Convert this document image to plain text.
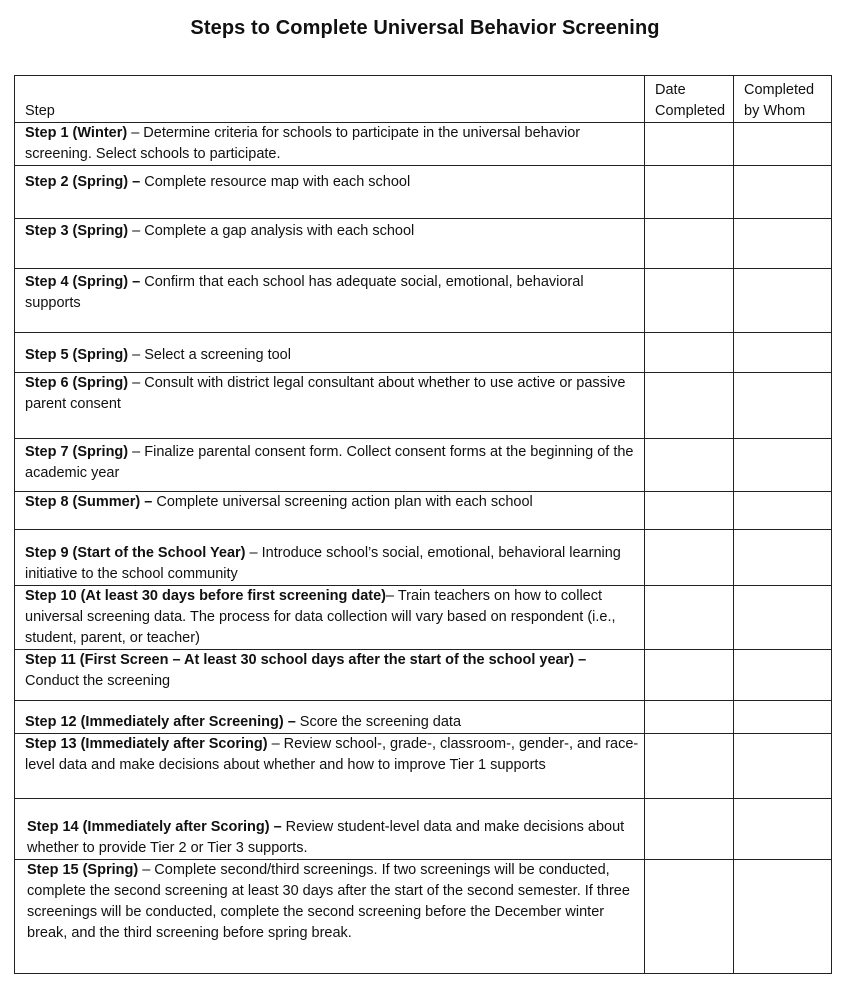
Steps to Complete Universal Behavior Screening
Step	Date Completed	Completed by Whom
Step 1 (Winter) – Determine criteria for schools to participate in the universal behavior screening. Select schools to participate.		
Step 2 (Spring) – Complete resource map with each school		
Step 3 (Spring) – Complete a gap analysis with each school		
Step 4 (Spring) – Confirm that each school has adequate social, emotional, behavioral supports		
Step 5 (Spring) – Select a screening tool		
Step 6 (Spring) – Consult with district legal consultant about whether to use active or passive parent consent		
Step 7 (Spring) – Finalize parental consent form. Collect consent forms at the beginning of the academic year		
Step 8 (Summer) – Complete universal screening action plan with each school		
Step 9 (Start of the School Year) – Introduce school’s social, emotional, behavioral learning initiative to the school community		
Step 10 (At least 30 days before first screening date)– Train teachers on how to collect universal screening data. The process for data collection will vary based on respondent (i.e., student, parent, or teacher)		
Step 11 (First Screen – At least 30 school days after the start of the school year) – Conduct the screening		
Step 12 (Immediately after Screening) – Score the screening data		
Step 13 (Immediately after Scoring) – Review school-, grade-, classroom-, gender-, and race- level data and make decisions about whether and how to improve Tier 1 supports		
Step 14 (Immediately after Scoring) – Review student-level data and make decisions about whether to provide Tier 2 or Tier 3 supports.		
Step 15 (Spring) – Complete second/third screenings. If two screenings will be conducted, complete the second screening at least 30 days after the start of the second semester. If three screenings will be conducted, complete the second screening before the December winter break, and the third screening before spring break.		
